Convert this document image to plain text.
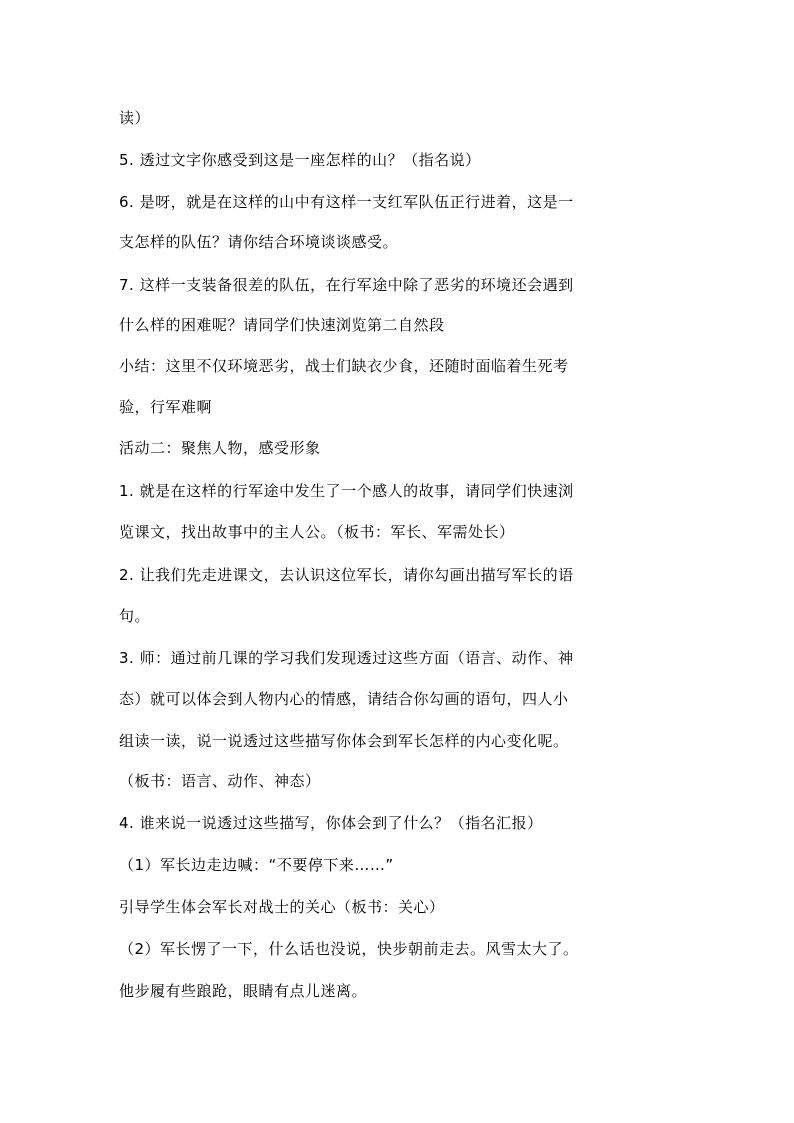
读）
5. 透过文字你感受到这是一座怎样的山？（指名说）
6. 是呀，就是在这样的山中有这样一支红军队伍正行进着，这是一
支怎样的队伍？请你结合环境谈谈感受。
7. 这样一支装备很差的队伍，在行军途中除了恶劣的环境还会遇到
什么样的困难呢？请同学们快速浏览第二自然段
小结：这里不仅环境恶劣，战士们缺衣少食，还随时面临着生死考
验，行军难啊
活动二：聚焦人物，感受形象
1. 就是在这样的行军途中发生了一个感人的故事，请同学们快速浏
览课文，找出故事中的主人公。（板书：军长、军需处长）
2. 让我们先走进课文，去认识这位军长，请你勾画出描写军长的语
句。
3. 师：通过前几课的学习我们发现透过这些方面（语言、动作、神
态）就可以体会到人物内心的情感，请结合你勾画的语句，四人小
组读一读，说一说透过这些描写你体会到军长怎样的内心变化呢。
（板书：语言、动作、神态）
4. 谁来说一说透过这些描写，你体会到了什么？（指名汇报）
（1）军长边走边喊：“不要停下来……”
引导学生体会军长对战士的关心（板书：关心）
（2）军长愣了一下，什么话也没说，快步朝前走去。风雪太大了。
他步履有些踉跄，眼睛有点儿迷离。
